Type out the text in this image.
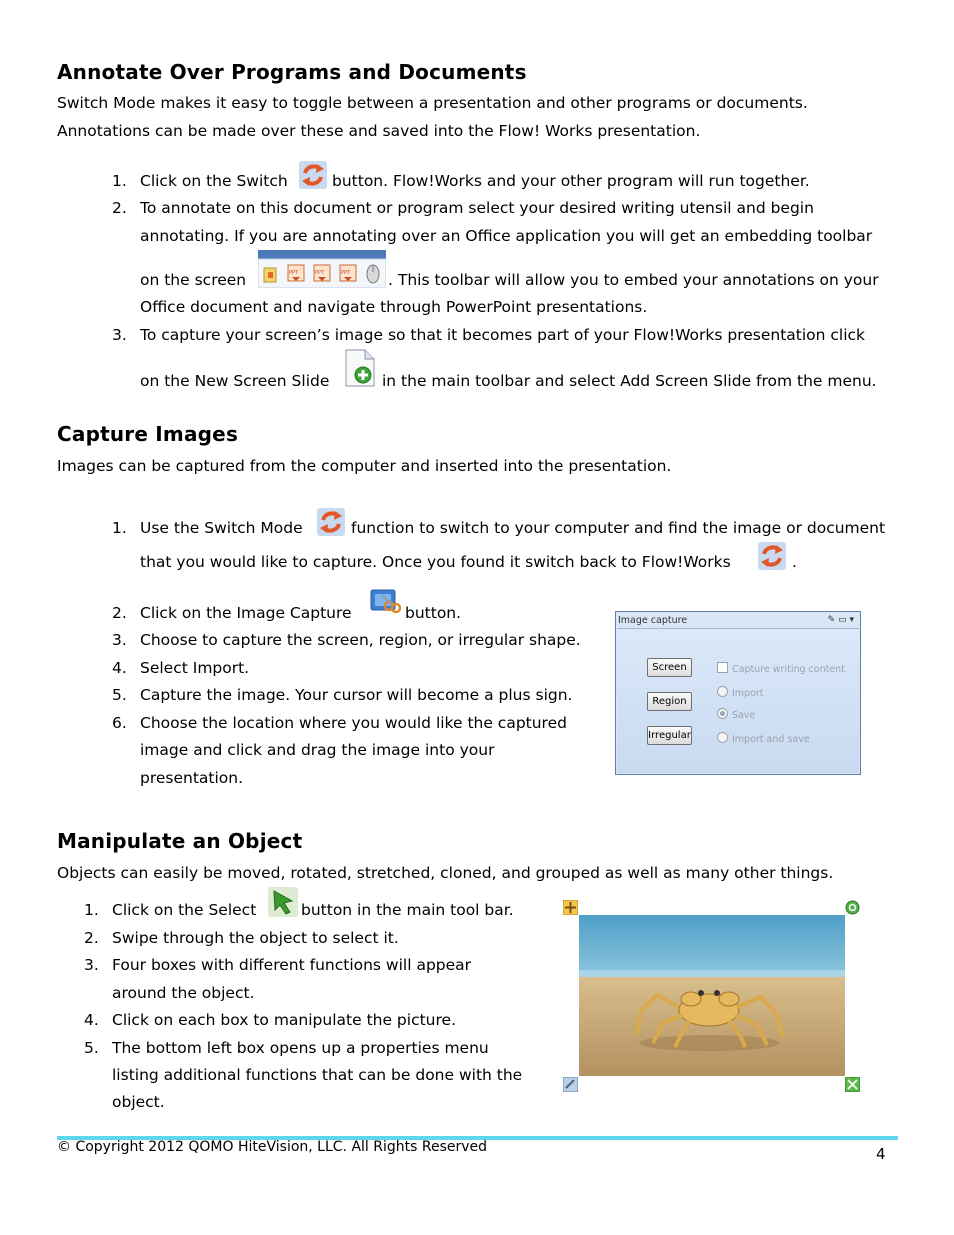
Annotate Over Programs and Documents
Switch Mode makes it easy to toggle between a presentation and other programs or documents.
Annotations can be made over these and saved into the Flow! Works presentation.
1. Click on the Switch	button. Flow!Works and your other program will run together.
2. To annotate on this document or program select your desired writing utensil and begin
annotating. If you are annotating over an Office application you will get an embedding toolbar
on the screen	PPT	PPT	PPT . This toolbar will allow you to embed your annotations on your
Office document and navigate through PowerPoint presentations.
3. To capture your screen’s image so that it becomes part of your Flow!Works presentation click
on the New Screen Slide	in the main toolbar and select Add Screen Slide from the menu.
Capture Images
Images can be captured from the computer and inserted into the presentation.
1. Use the Switch Mode	function to switch to your computer and find the image or document
that you would like to capture. Once you found it switch back to Flow!Works	.
2. Click on the Image Capture	button.
3. Choose to capture the screen, region, or irregular shape.
4. Select Import.
5. Capture the image. Your cursor will become a plus sign.
6. Choose the location where you would like the captured
image and click and drag the image into your
presentation.
Image capture	✎ ▭ ▾
Screen
Region
Irregular
Capture writing content
Import
Save
Import and save
Manipulate an Object
Objects can easily be moved, rotated, stretched, cloned, and grouped as well as many other things.
1. Click on the Select	button in the main tool bar.
2. Swipe through the object to select it.
3. Four boxes with different functions will appear
around the object.
4. Click on each box to manipulate the picture.
5. The bottom left box opens up a properties menu
listing additional functions that can be done with the
object.
© Copyright 2012 QOMO HiteVision, LLC. All Rights Reserved	4
